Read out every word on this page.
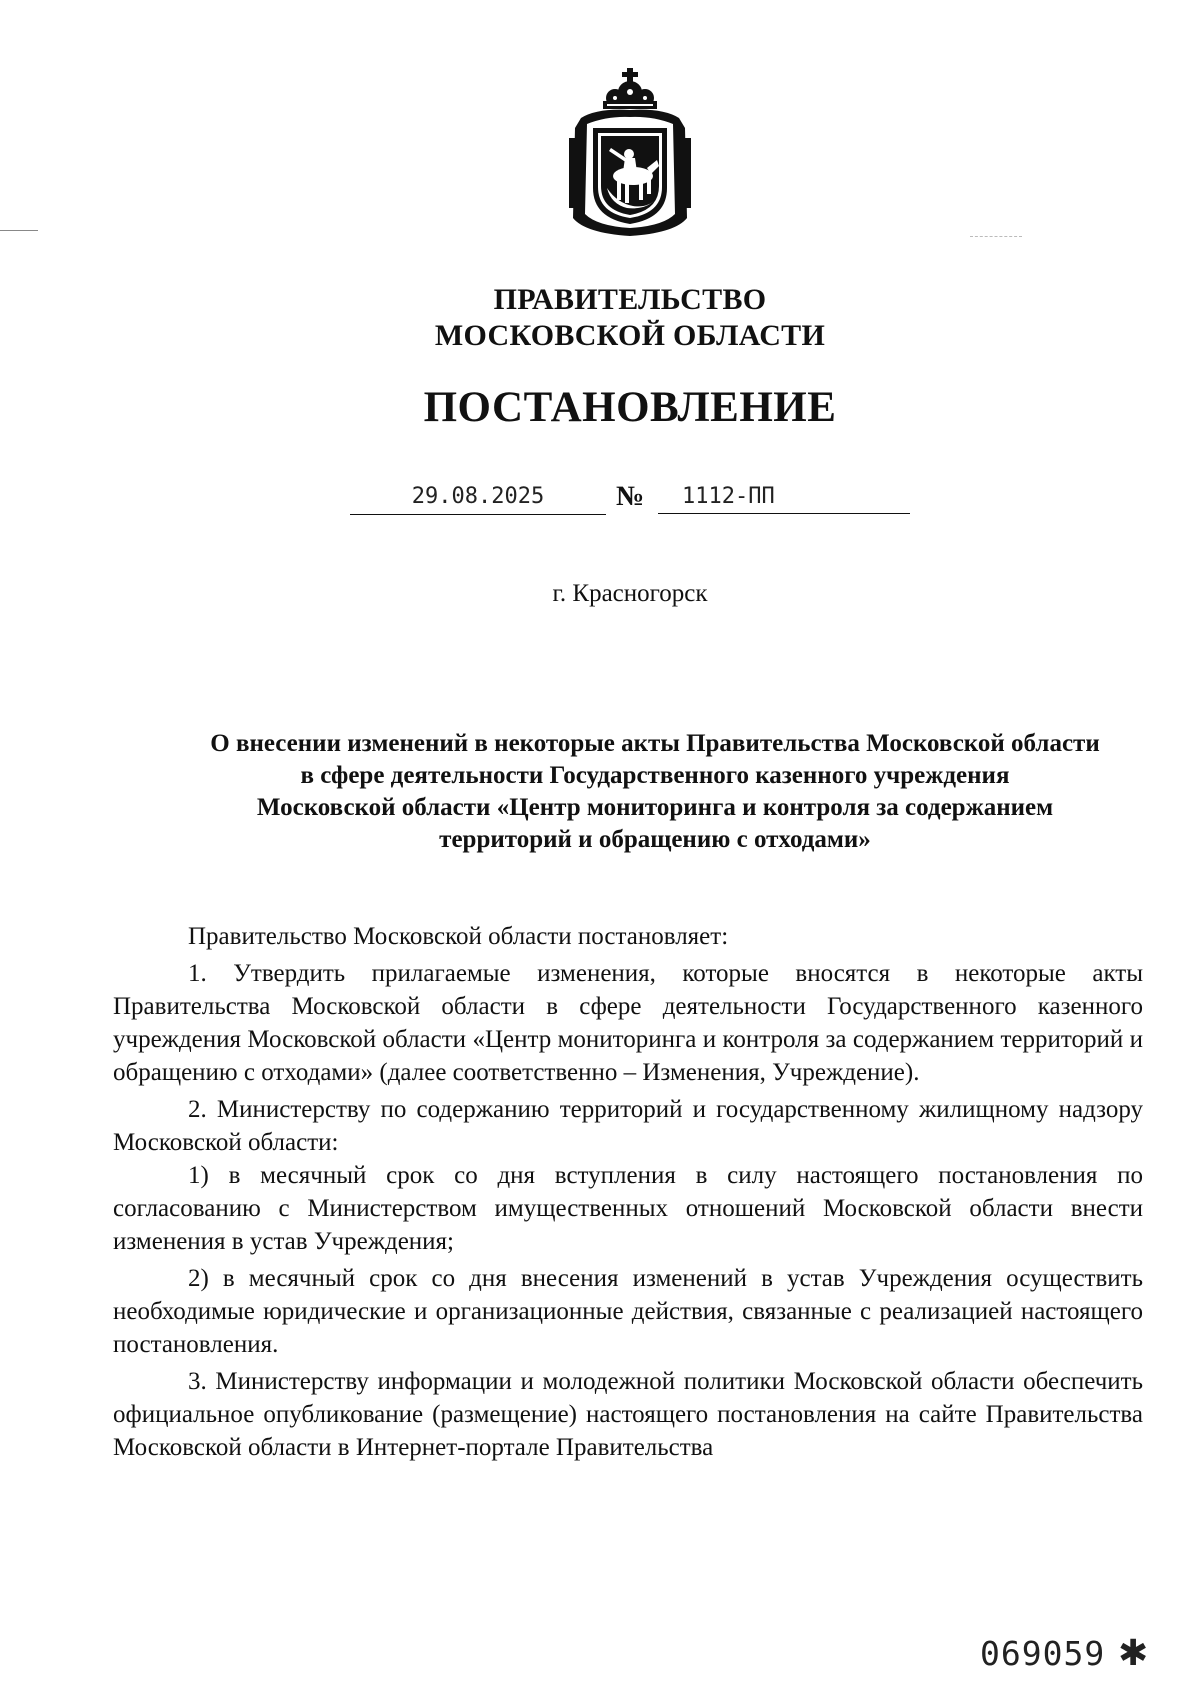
ПРАВИТЕЛЬСТВО
МОСКОВСКОЙ ОБЛАСТИ
ПОСТАНОВЛЕНИЕ
29.08.2025	№	1112-ПП
г. Красногорск
О внесении изменений в некоторые акты Правительства Московской области
в сфере деятельности Государственного казенного учреждения
Московской области «Центр мониторинга и контроля за содержанием
территорий и обращению с отходами»

Правительство Московской области постановляет:

1. Утвердить прилагаемые изменения, которые вносятся в некоторые акты Правительства Московской области в сфере деятельности Государственного казенного учреждения Московской области «Центр мониторинга и контроля за содержанием территорий и обращению с отходами» (далее соответственно – Изменения, Учреждение).

2. Министерству по содержанию территорий и государственному жилищному надзору Московской области:

1) в месячный срок со дня вступления в силу настоящего постановления по согласованию с Министерством имущественных отношений Московской области внести изменения в устав Учреждения;

2) в месячный срок со дня внесения изменений в устав Учреждения осуществить необходимые юридические и организационные действия, связанные с реализацией настоящего постановления.

3. Министерству информации и молодежной политики Московской области обеспечить официальное опубликование (размещение) настоящего постановления на сайте Правительства Московской области в Интернет-портале Правительства

069059 ✱
